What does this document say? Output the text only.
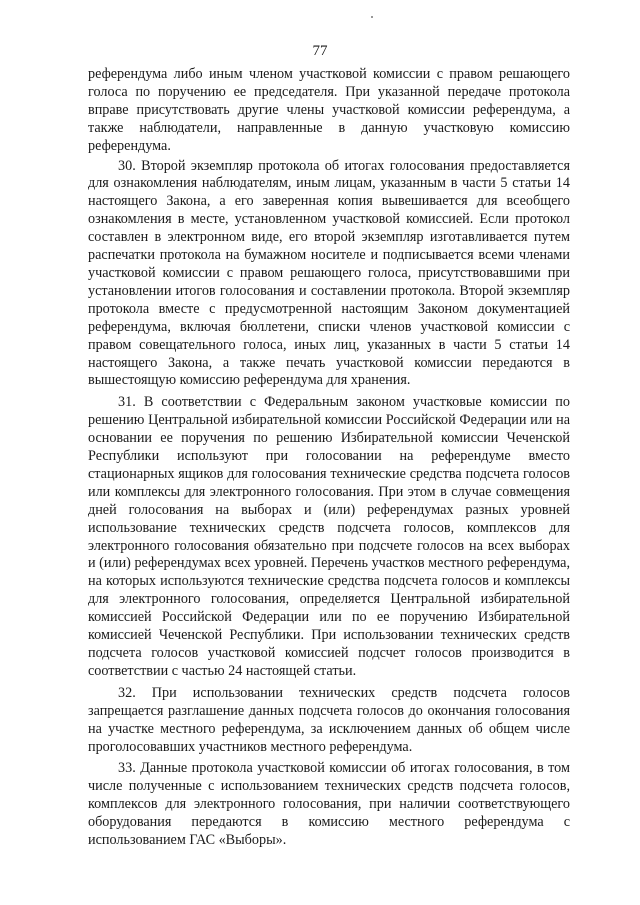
77

референдума либо иным членом участковой комиссии с правом решающего голоса по поручению ее председателя. При указанной передаче протокола вправе присутствовать другие члены участковой комиссии референдума, а также наблюдатели, направленные в данную участковую комиссию референдума.

30. Второй экземпляр протокола об итогах голосования предоставляется для ознакомления наблюдателям, иным лицам, указанным в части 5 статьи 14 настоящего Закона, а его заверенная копия вывешивается для всеобщего ознакомления в месте, установленном участковой комиссией. Если протокол составлен в электронном виде, его второй экземпляр изготавливается путем распечатки протокола на бумажном носителе и подписывается всеми членами участковой комиссии с правом решающего голоса, присутствовавшими при установлении итогов голосования и составлении протокола. Второй экземпляр протокола вместе с предусмотренной настоящим Законом документацией референдума, включая бюллетени, списки членов участковой комиссии с правом совещательного голоса, иных лиц, указанных в части 5 статьи 14 настоящего Закона, а также печать участковой комиссии передаются в вышестоящую комиссию референдума для хранения.

31. В соответствии с Федеральным законом участковые комиссии по решению Центральной избирательной комиссии Российской Федерации или на основании ее поручения по решению Избирательной комиссии Чеченской Республики используют при голосовании на референдуме вместо стационарных ящиков для голосования технические средства подсчета голосов или комплексы для электронного голосования. При этом в случае совмещения дней голосования на выборах и (или) референдумах разных уровней использование технических средств подсчета голосов, комплексов для электронного голосования обязательно при подсчете голосов на всех выборах и (или) референдумах всех уровней. Перечень участков местного референдума, на которых используются технические средства подсчета голосов и комплексы для электронного голосования, определяется Центральной избирательной комиссией Российской Федерации или по ее поручению Избирательной комиссией Чеченской Республики. При использовании технических средств подсчета голосов участковой комиссией подсчет голосов производится в соответствии с частью 24 настоящей статьи.

32. При использовании технических средств подсчета голосов запрещается разглашение данных подсчета голосов до окончания голосования на участке местного референдума, за исключением данных об общем числе проголосовавших участников местного референдума.

33. Данные протокола участковой комиссии об итогах голосования, в том числе полученные с использованием технических средств подсчета голосов, комплексов для электронного голосования, при наличии соответствующего оборудования передаются в комиссию местного референдума с использованием ГАС «Выборы».
